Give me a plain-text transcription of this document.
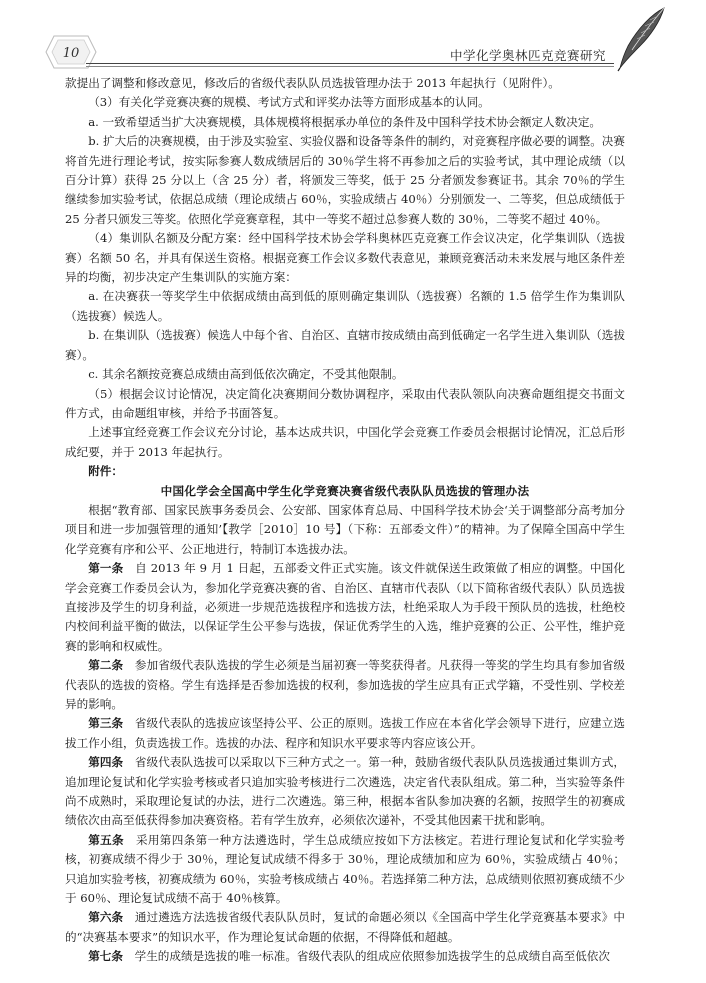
10	中学化学奥林匹克竞赛研究

款提出了调整和修改意见，修改后的省级代表队队员选拔管理办法于 2013 年起执行（见附件）。

（3）有关化学竞赛决赛的规模、考试方式和评奖办法等方面形成基本的认同。

a. 一致希望适当扩大决赛规模，具体规模将根据承办单位的条件及中国科学技术协会额定人数决定。

b. 扩大后的决赛规模，由于涉及实验室、实验仪器和设备等条件的制约，对竞赛程序做必要的调整。决赛将首先进行理论考试，按实际参赛人数成绩居后的 30％学生将不再参加之后的实验考试，其中理论成绩（以百分计算）获得 25 分以上（含 25 分）者，将颁发三等奖，低于 25 分者颁发参赛证书。其余 70％的学生继续参加实验考试，依据总成绩（理论成绩占 60％，实验成绩占 40％）分别颁发一、二等奖，但总成绩低于 25 分者只颁发三等奖。依照化学竞赛章程，其中一等奖不超过总参赛人数的 30％，二等奖不超过 40％。

（4）集训队名额及分配方案：经中国科学技术协会学科奥林匹克竞赛工作会议决定，化学集训队（选拔赛）名额 50 名，并具有保送生资格。根据竞赛工作会议多数代表意见，兼顾竞赛活动未来发展与地区条件差异的均衡，初步决定产生集训队的实施方案：

a. 在决赛获一等奖学生中依据成绩由高到低的原则确定集训队（选拔赛）名额的 1.5 倍学生作为集训队（选拔赛）候选人。

b. 在集训队（选拔赛）候选人中每个省、自治区、直辖市按成绩由高到低确定一名学生进入集训队（选拔赛）。

c. 其余名额按竞赛总成绩由高到低依次确定，不受其他限制。

（5）根据会议讨论情况，决定简化决赛期间分数协调程序，采取由代表队领队向决赛命题组提交书面文件方式，由命题组审核，并给予书面答复。

上述事宜经竞赛工作会议充分讨论，基本达成共识，中国化学会竞赛工作委员会根据讨论情况，汇总后形成纪要，并于 2013 年起执行。

附件：

中国化学会全国高中学生化学竞赛决赛省级代表队队员选拔的管理办法

根据“教育部、国家民族事务委员会、公安部、国家体育总局、中国科学技术协会‘关于调整部分高考加分项目和进一步加强管理的通知’【教学［2010］10 号】（下称：五部委文件）”的精神。为了保障全国高中学生化学竞赛有序和公平、公正地进行，特制订本选拔办法。

第一条　 自 2013 年 9 月 1 日起，五部委文件正式实施。该文件就保送生政策做了相应的调整。中国化学会竞赛工作委员会认为，参加化学竞赛决赛的省、自治区、直辖市代表队（以下简称省级代表队）队员选拔直接涉及学生的切身利益，必须进一步规范选拔程序和选拔方法，杜绝采取人为手段干预队员的选拔，杜绝校内校间利益平衡的做法，以保证学生公平参与选拔，保证优秀学生的入选，维护竞赛的公正、公平性，维护竞赛的影响和权威性。

第二条　 参加省级代表队选拔的学生必须是当届初赛一等奖获得者。凡获得一等奖的学生均具有参加省级代表队的选拔的资格。学生有选择是否参加选拔的权利，参加选拔的学生应具有正式学籍，不受性别、学校差异的影响。

第三条　 省级代表队的选拔应该坚持公平、公正的原则。选拔工作应在本省化学会领导下进行，应建立选拔工作小组，负责选拔工作。选拔的办法、程序和知识水平要求等内容应该公开。

第四条　 省级代表队选拔可以采取以下三种方式之一。第一种，鼓励省级代表队队员选拔通过集训方式，追加理论复试和化学实验考核或者只追加实验考核进行二次遴选，决定省代表队组成。第二种，当实验等条件尚不成熟时，采取理论复试的办法，进行二次遴选。第三种，根据本省队参加决赛的名额，按照学生的初赛成绩依次由高至低获得参加决赛资格。若有学生放弃，必须依次递补，不受其他因素干扰和影响。

第五条　 采用第四条第一种方法遴选时，学生总成绩应按如下方法核定。若进行理论复试和化学实验考核，初赛成绩不得少于 30％，理论复试成绩不得多于 30％，理论成绩加和应为 60％，实验成绩占 40％；只追加实验考核，初赛成绩为 60％，实验考核成绩占 40％。若选择第二种方法，总成绩则依照初赛成绩不少于 60％、理论复试成绩不高于 40％核算。

第六条　 通过遴选方法选拔省级代表队队员时，复试的命题必须以《全国高中学生化学竞赛基本要求》中的“决赛基本要求”的知识水平，作为理论复试命题的依据，不得降低和超越。

第七条　 学生的成绩是选拔的唯一标准。省级代表队的组成应依照参加选拔学生的总成绩自高至低依次
